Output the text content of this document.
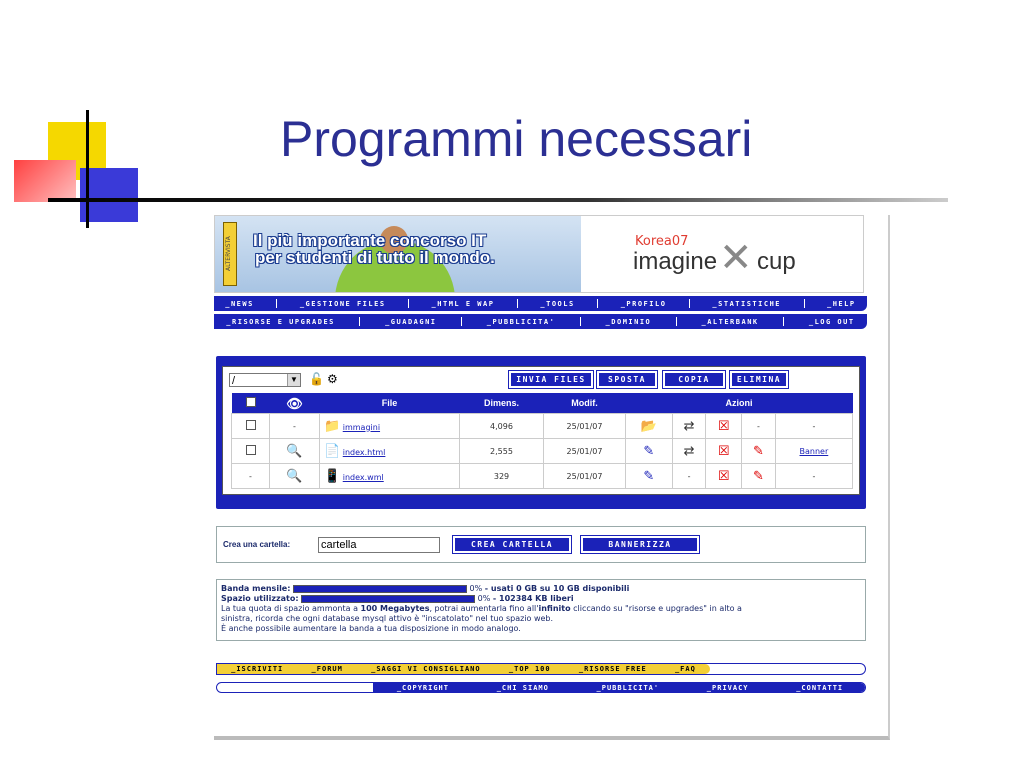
Programmi necessari
ALTERVISTA Il più importante concorso IT
per studenti di tutto il mondo.
Korea07
imagine ✕ cup
_NEWS	_GESTIONE FILES	_HTML E WAP	_TOOLS	_PROFILO	_STATISTICHE	_HELP
_RISORSE E UPGRADES	_GUADAGNI	_PUBBLICITA'	_DOMINIO	_ALTERBANK	_LOG OUT
/	▼ 🔓 ⚙	INVIA FILES	SPOSTA	COPIA	ELIMINA
	👁	File	Dimens.	Modif.	Azioni				
	-	📁 immagini	4,096	25/01/07	📂	⇄	☒	-	-
	🔍	📄 index.html	2,555	25/01/07	✎	⇄	☒	✎	Banner
-	🔍	📱 index.wml	329	25/01/07	✎	-	☒	✎	-
Crea una cartella:
cartella	CREA CARTELLA	BANNERIZZA
Banda mensile:	0% - usati 0 GB su 10 GB disponibili
Spazio utilizzato:	0% - 102384 KB liberi
La tua quota di spazio ammonta a 100 Megabytes, potrai aumentarla fino all'infinito cliccando su "risorse e upgrades" in alto a
sinistra, ricorda che ogni database mysql attivo è "inscatolato" nel tuo spazio web.
È anche possibile aumentare la banda a tua disposizione in modo analogo.
_ISCRIVITI	_FORUM	_SAGGI VI CONSIGLIANO	_TOP 100	_RISORSE FREE	_FAQ
_COPYRIGHT	_CHI SIAMO	_PUBBLICITA'	_PRIVACY	_CONTATTI
